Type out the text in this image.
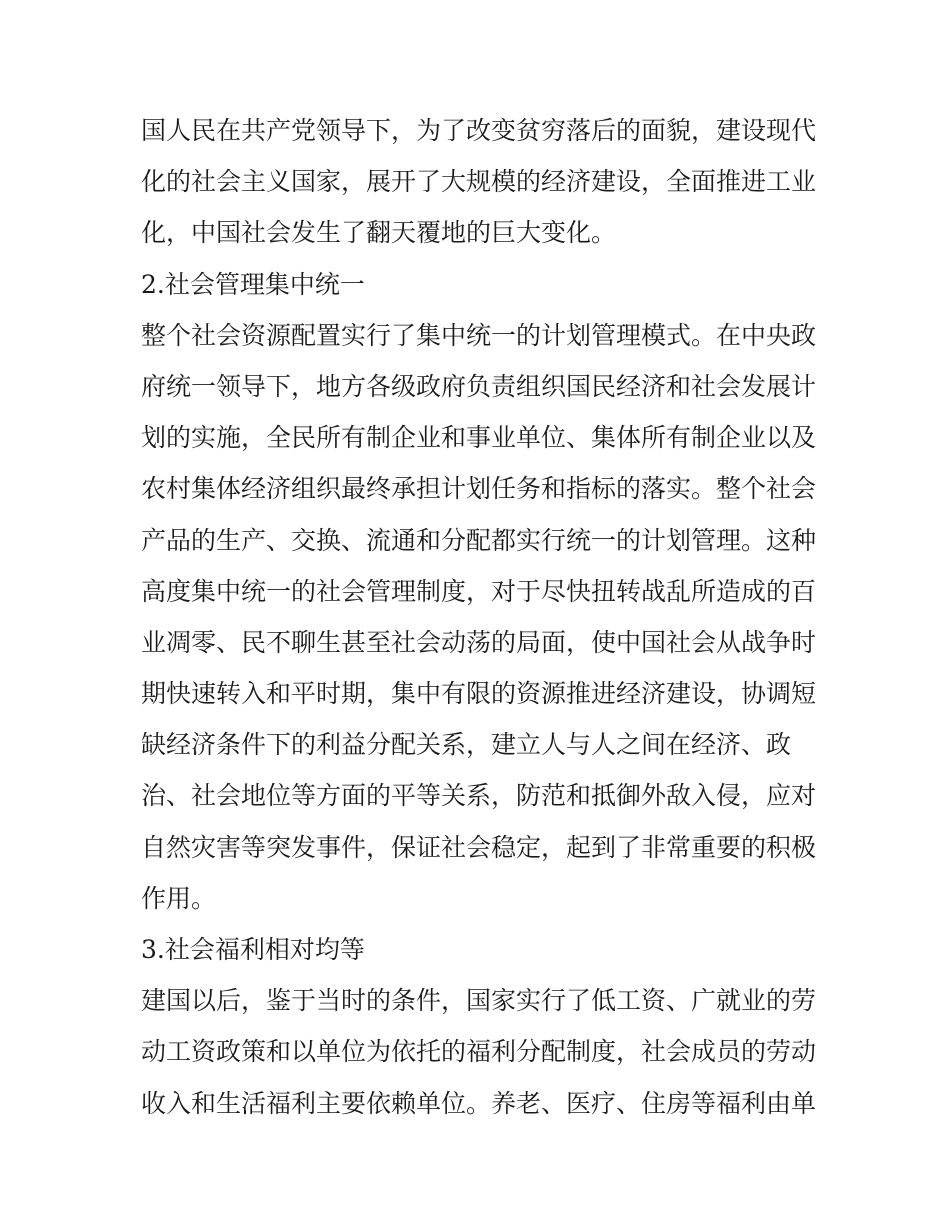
国人民在共产党领导下，为了改变贫穷落后的面貌，建设现代
化的社会主义国家，展开了大规模的经济建设，全面推进工业
化，中国社会发生了翻天覆地的巨大变化。
2.社会管理集中统一
整个社会资源配置实行了集中统一的计划管理模式。在中央政
府统一领导下，地方各级政府负责组织国民经济和社会发展计
划的实施，全民所有制企业和事业单位、集体所有制企业以及
农村集体经济组织最终承担计划任务和指标的落实。整个社会
产品的生产、交换、流通和分配都实行统一的计划管理。这种
高度集中统一的社会管理制度，对于尽快扭转战乱所造成的百
业凋零、民不聊生甚至社会动荡的局面，使中国社会从战争时
期快速转入和平时期，集中有限的资源推进经济建设，协调短
缺经济条件下的利益分配关系，建立人与人之间在经济、政
治、社会地位等方面的平等关系，防范和抵御外敌入侵，应对
自然灾害等突发事件，保证社会稳定，起到了非常重要的积极
作用。
3.社会福利相对均等
建国以后，鉴于当时的条件，国家实行了低工资、广就业的劳
动工资政策和以单位为依托的福利分配制度，社会成员的劳动
收入和生活福利主要依赖单位。养老、医疗、住房等福利由单
